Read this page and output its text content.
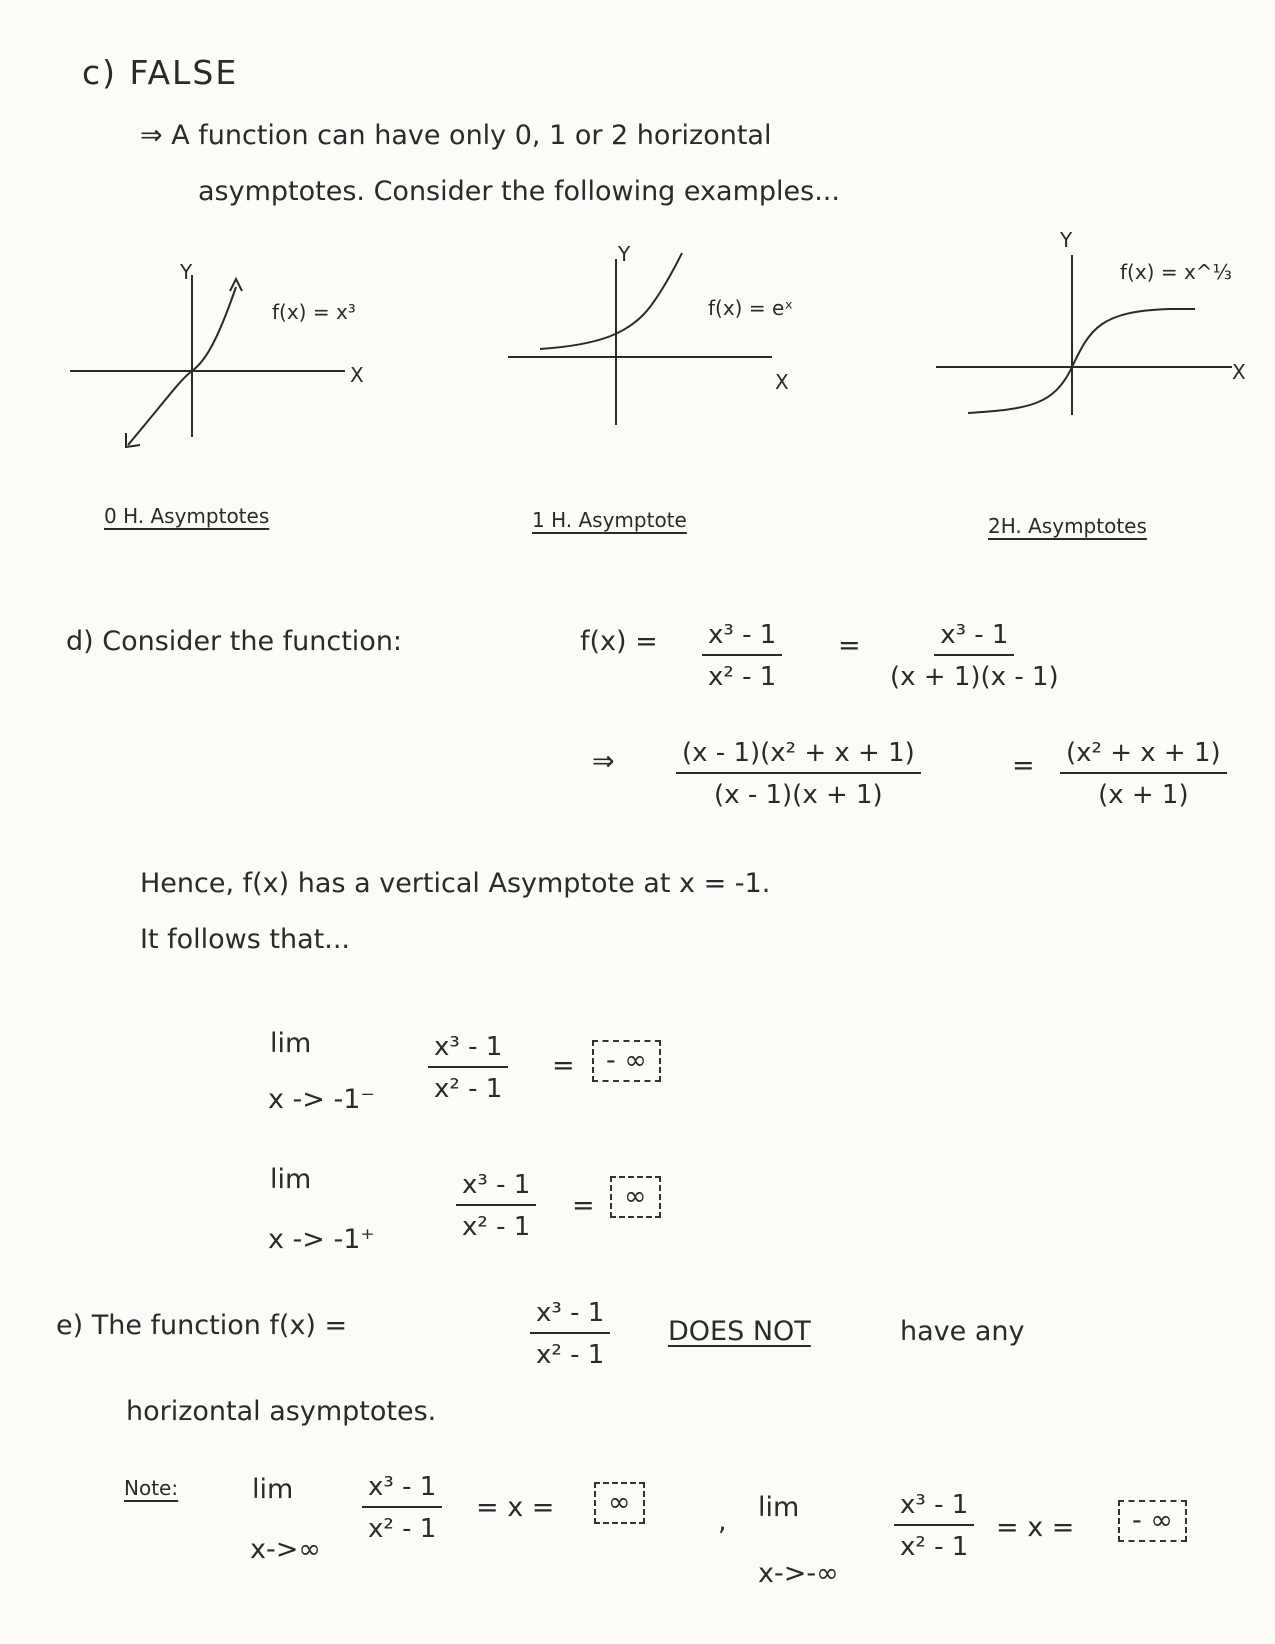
c) FALSE
⇒ A function can have only 0, 1 or 2 horizontal
asymptotes. Consider the following examples...
Y
X
f(x) = x³
0 H. Asymptotes
Y
X
f(x) = eˣ
1 H. Asymptote
Y
X
f(x) = x^⅓
2H. Asymptotes
d) Consider the function:	$f(x) = \frac{\text{x³ - 1}}{\text{x² - 1}} = \frac{\text{x³ - 1}}{(x + 1)(x - 1)}$
⇒ $\frac{\text{(x - 1)(x² + x + 1)}}{(x - 1)(x + 1)}$	= $\frac{\text{(x² + x + 1)}}{(x + 1)}$
Hence, f(x) has a vertical Asymptote at x = -1.
It follows that...
lim
$x -> -1^- \frac{\text{x³ - 1}}{\text{x² - 1}}$ =	- ∞
lim
x -> -1⁺	$\frac{\text{x³ - 1}}{\text{x² - 1}}$ =	∞
e) The function f(x) =	$\frac{\text{x³ - 1}}{\text{x² - 1}}$ DOES NOT	have any
horizontal asymptotes.
Note:	lim
x->∞
$\frac{\text{x³ - 1}}{\text{x² - 1}} = x$ =	∞
, lim
x->-∞
$\frac{\text{x³ - 1}}{\text{x² - 1}} = x$ =	- ∞
